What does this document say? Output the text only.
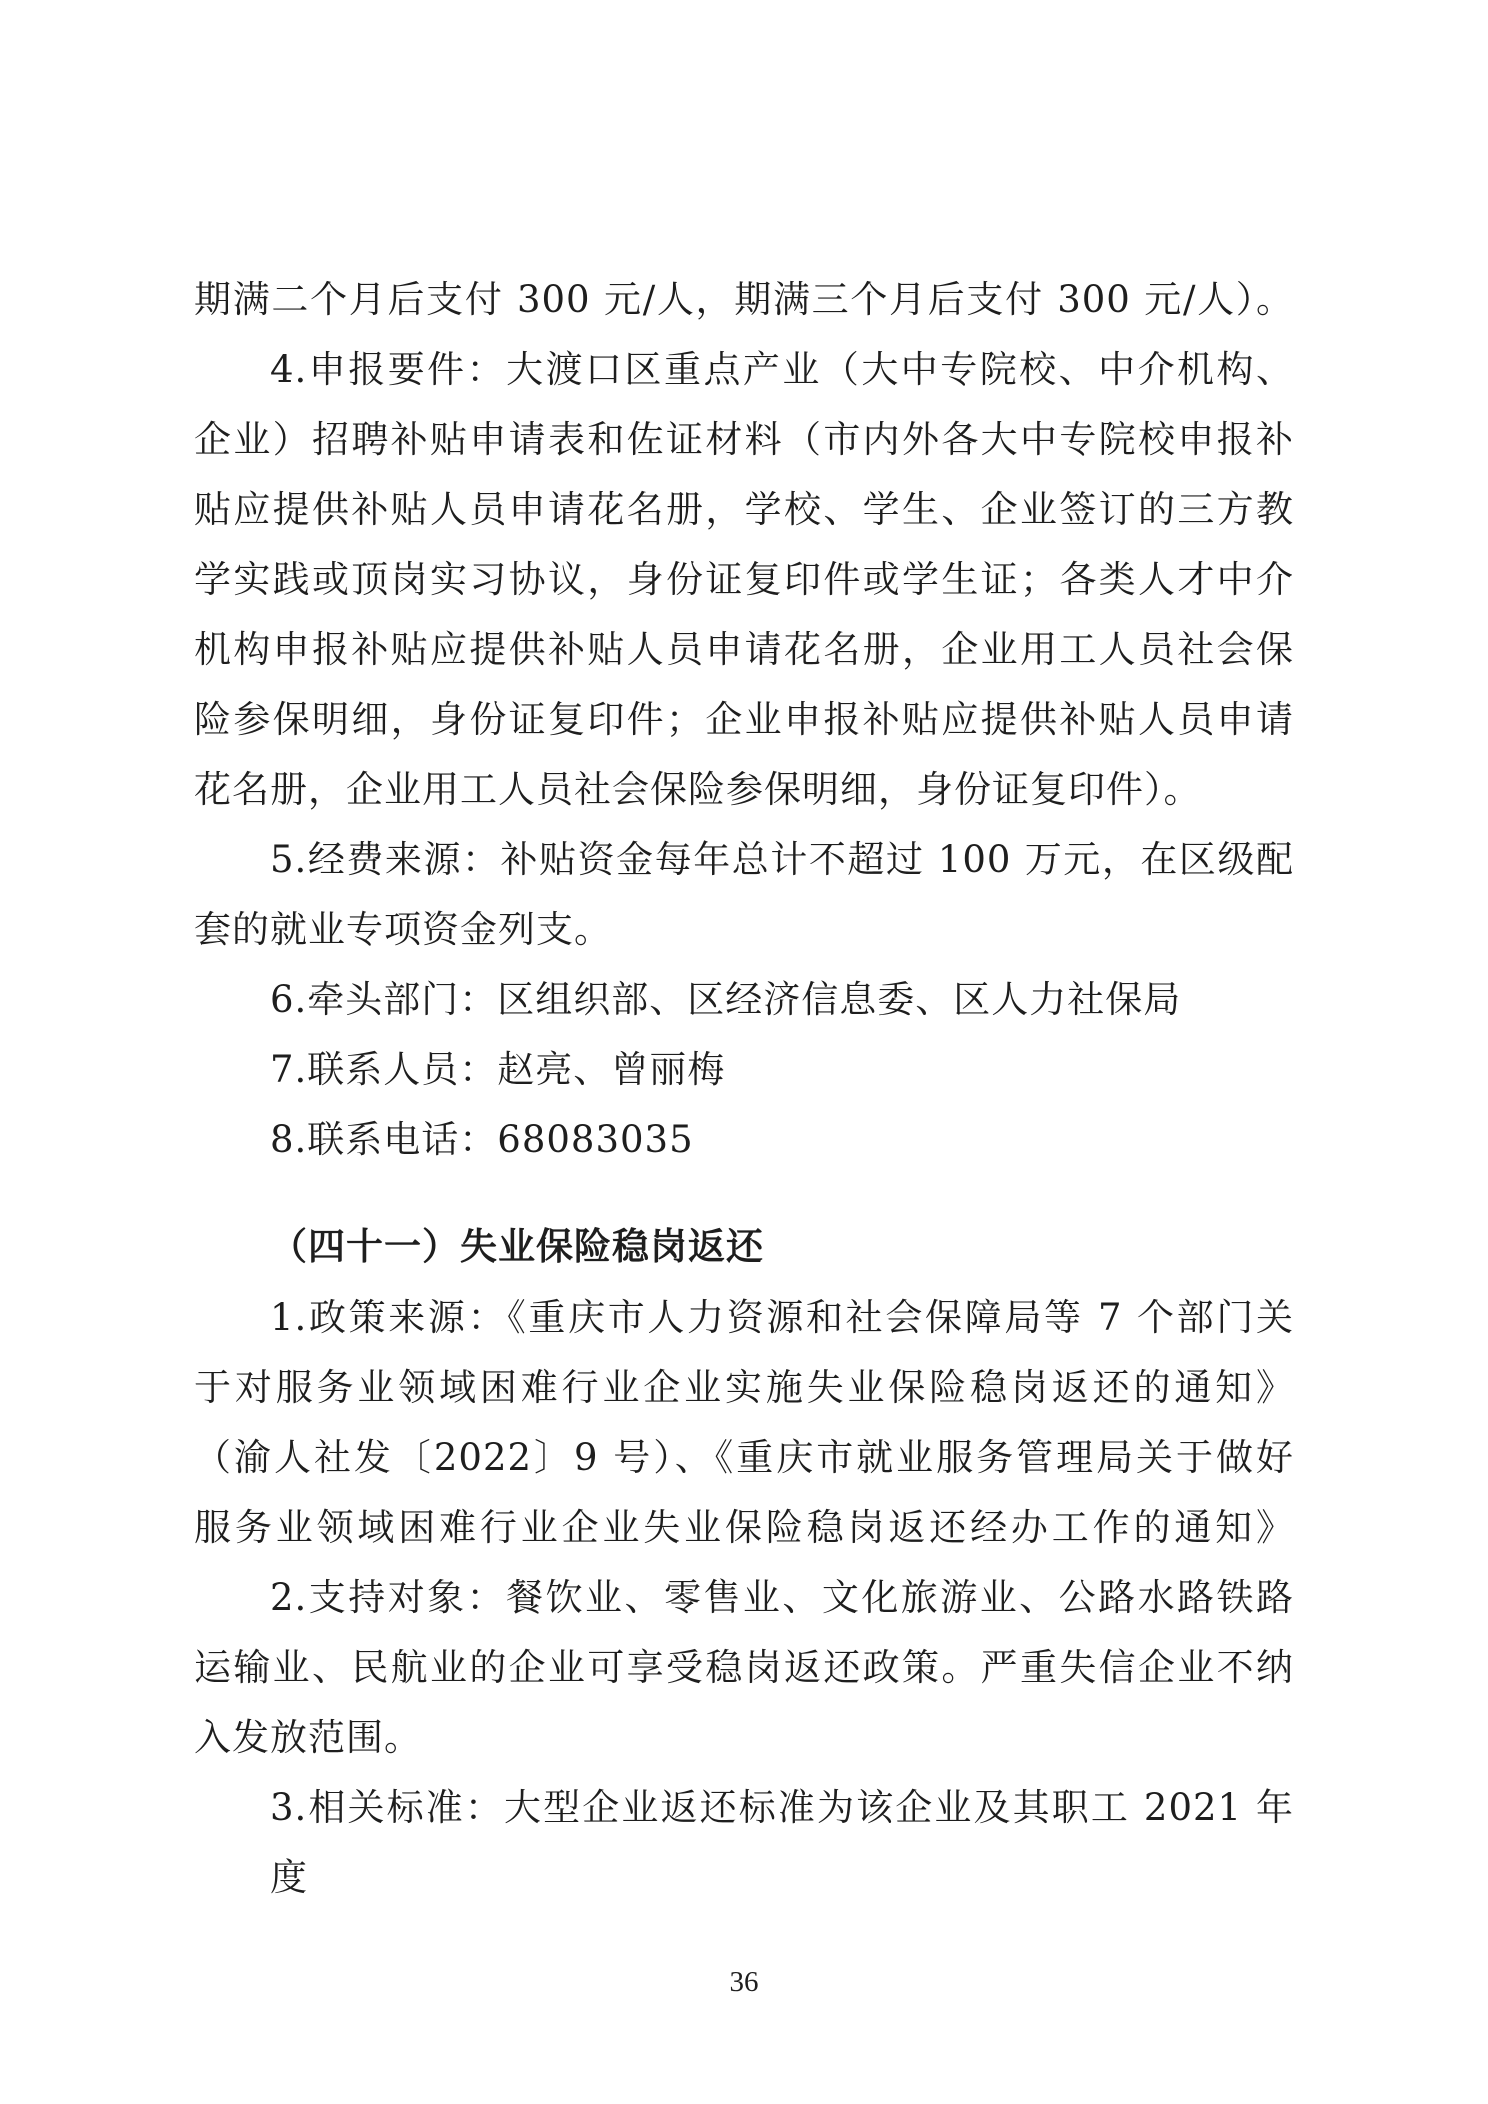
期满二个月后支付 300 元/人，期满三个月后支付 300 元/人）。
4.申报要件：大渡口区重点产业（大中专院校、中介机构、
企业）招聘补贴申请表和佐证材料（市内外各大中专院校申报补
贴应提供补贴人员申请花名册，学校、学生、企业签订的三方教
学实践或顶岗实习协议，身份证复印件或学生证；各类人才中介
机构申报补贴应提供补贴人员申请花名册，企业用工人员社会保
险参保明细，身份证复印件；企业申报补贴应提供补贴人员申请
花名册，企业用工人员社会保险参保明细，身份证复印件）。
5.经费来源：补贴资金每年总计不超过 100 万元，在区级配
套的就业专项资金列支。
6.牵头部门：区组织部、区经济信息委、区人力社保局
7.联系人员：赵亮、曾丽梅
8.联系电话：68083035
（四十一）失业保险稳岗返还
1.政策来源：《重庆市人力资源和社会保障局等 7 个部门关
于对服务业领域困难行业企业实施失业保险稳岗返还的通知》
（渝人社发〔2022〕9 号）、《重庆市就业服务管理局关于做好
服务业领域困难行业企业失业保险稳岗返还经办工作的通知》
2.支持对象：餐饮业、零售业、文化旅游业、公路水路铁路
运输业、民航业的企业可享受稳岗返还政策。严重失信企业不纳
入发放范围。
3.相关标准：大型企业返还标准为该企业及其职工 2021 年度
36
